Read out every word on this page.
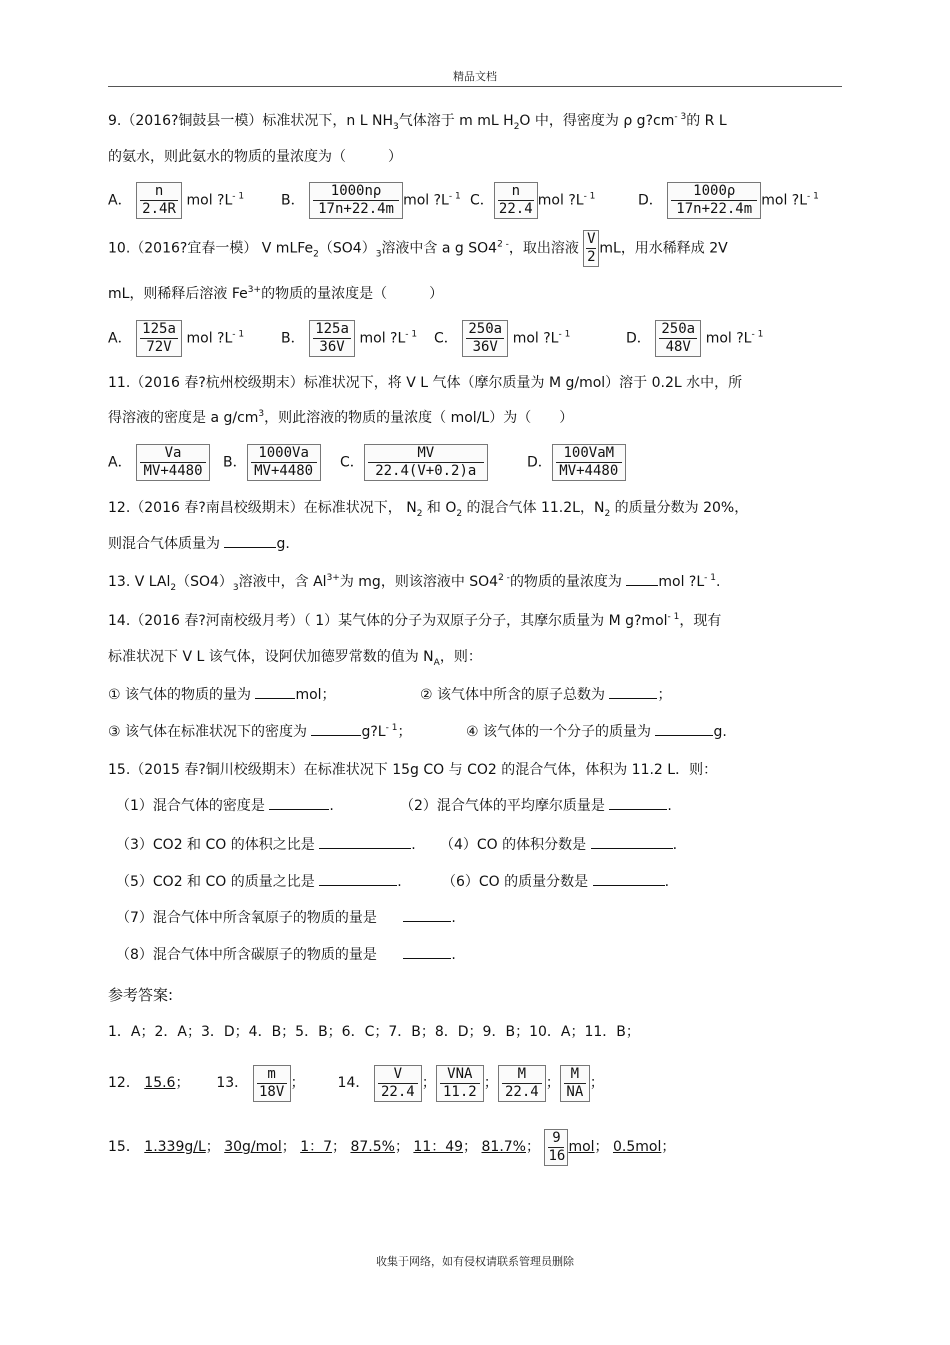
精品文档
9.（2016?铜鼓县一模）标准状况下，n L $NH_3$气体溶于 m mL $H_2O$ 中，得密度为 ρ $g?cm^{- 3}$的 R L
的氨水，则此氨水的物质的量浓度为（　　　）
A． $\frac{n}{2.4R}$ mol $?L^{- 1}$	B． $\frac{1000n\rho}{17n+22.4m}$ mol $?L^{- 1}$ C． $\frac{n}{22.4}$ mol $?L^{- 1}$	D． $\frac{1000\rho}{17n+22.4m}$ mol $?L^{- 1}$
10.（2016?宜春一模） V $mLFe_2(SO4)_3$溶液中含 a g $SO4^{2 -}$，取出溶液 $\frac{V}{2}$ mL，用水稀释成 2V
mL，则稀释后溶液 $Fe^{3+}$的物质的量浓度是（　　　）
A． $\frac{125a}{72V}$ mol $?L^{- 1}$	B． $\frac{125a}{36V}$ mol $?L^{- 1}$ C． $\frac{250a}{36V}$ mol $?L^{- 1}$	D． $\frac{250a}{48V}$ mol $?L^{- 1}$
11.（2016 春?杭州校级期末）标准状况下，将 V L 气体（摩尔质量为 M g/mol）溶于 0.2L 水中，所
得溶液的密度是 a $g/cm^3$，则此溶液的物质的量浓度（ mol/L）为（　　）
A． $\frac{Va}{MV+4480}$ B． $\frac{1000Va}{MV+4480}$ C． $\frac{MV}{22.4(V+0.2)a}$	D． $\frac{\text{100VaM}}{MV+4480}$
12.（2016 春?南昌校级期末）在标准状况下， $N_2$ 和 $O_2$ 的混合气体 11.2L，$N_2$ 的质量分数为 20%，
则混合气体质量为	g.
13. V $LAl_2(SO4)_3$溶液中，含 $Al^{3+}$为 mg，则该溶液中 $SO4^{2 -}$的物质的量浓度为	mol $?L^{- 1}$.
14.（2016 春?河南校级月考）（ 1）某气体的分子为双原子分子，其摩尔质量为 M g?mol$^{- 1}$，现有
标准状况下 V L 该气体，设阿伏加德罗常数的值为 $N_A$，则：
① 该气体的物质的量为	mol；	② 该气体中所含的原子总数为	；
③ 该气体在标准状况下的密度为	$g?L^{- 1}$；	④ 该气体的一个分子的质量为	g.
15.（2015 春?铜川校级期末）在标准状况下 15g CO 与 CO2 的混合气体，体积为 11.2 L．则：
（1）混合气体的密度是	.	（2）混合气体的平均摩尔质量是	.
（3）CO2 和 CO 的体积之比是	. （4）CO 的体积分数是	.
（5）CO2 和 CO 的质量之比是	.	（6）CO 的质量分数是	.
（7）混合气体中所含氧原子的物质的量是	.
（8）混合气体中所含碳原子的物质的量是	.
参考答案:
1．A；2．A；3．D；4．B；5．B；6．C；7．B；8．D；9．B；10．A；11．B；
12． 15.6； 13． $\frac{m}{18V}$ ； 14． $\frac{V}{22.4}$ ； $\frac{\text{VNA}}{11.2}$ ； $\frac{M}{22.4}$ ； $\frac{M}{NA}$ ；
15． 1.339g/L； 30g/mol； 1：7； 87.5%； 11：49； 81.7%； $\frac{9}{16}$ mol； 0.5mol；
收集于网络，如有侵权请联系管理员删除
